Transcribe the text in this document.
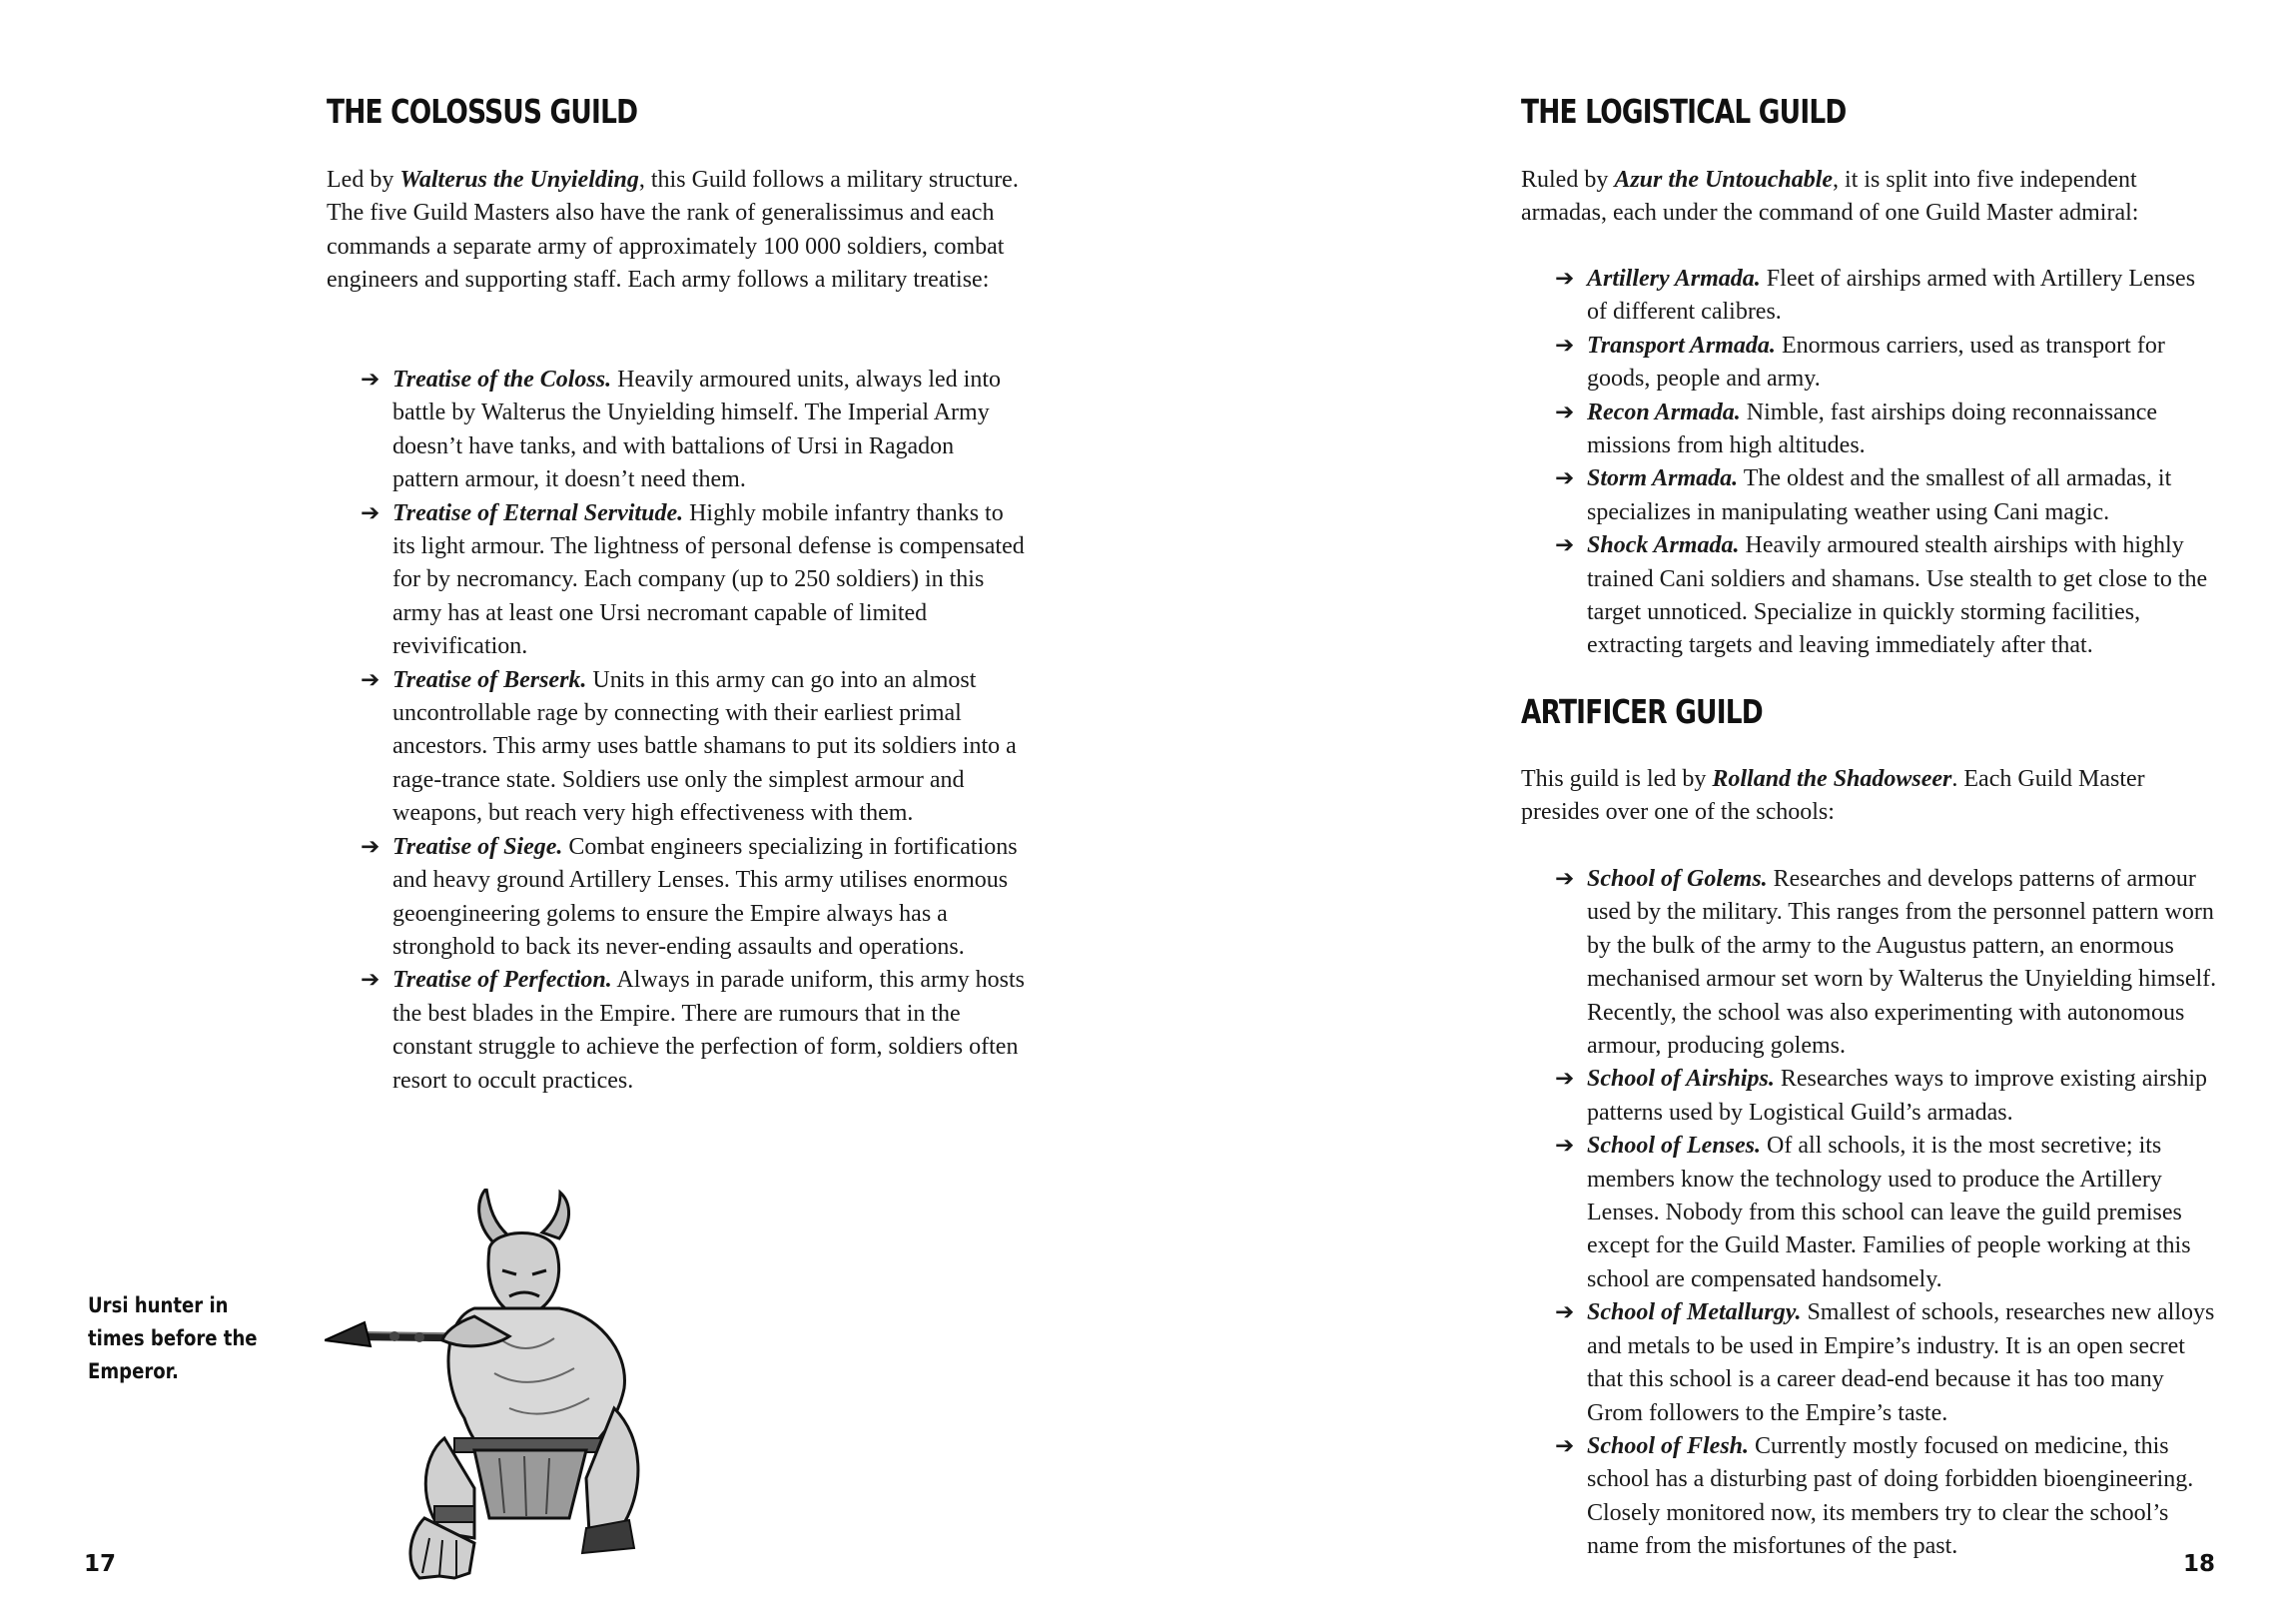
THE COLOSSUS GUILD

Led by Walterus the Unyielding, this Guild follows a military structure. The five Guild Masters also have the rank of generalissimus and each commands a separate army of approximately 100 000 soldiers, combat engineers and supporting staff. Each army follows a military treatise:

➔ Treatise of the Coloss. Heavily armoured units, always led into battle by Walterus the Unyielding himself. The Imperial Army doesn’t have tanks, and with battalions of Ursi in Ragadon pattern armour, it doesn’t need them.
➔ Treatise of Eternal Servitude. Highly mobile infantry thanks to its light armour. The lightness of personal defense is compensated for by necromancy. Each company (up to 250 soldiers) in this army has at least one Ursi necromant capable of limited revivification.
➔ Treatise of Berserk. Units in this army can go into an almost uncontrollable rage by connecting with their earliest primal ancestors. This army uses battle shamans to put its soldiers into a rage-trance state. Soldiers use only the simplest armour and weapons, but reach very high effectiveness with them.
➔ Treatise of Siege. Combat engineers specializing in fortifications and heavy ground Artillery Lenses. This army utilises enormous geoengineering golems to ensure the Empire always has a stronghold to back its never-ending assaults and operations.
➔ Treatise of Perfection. Always in parade uniform, this army hosts the best blades in the Empire. There are rumours that in the constant struggle to achieve the perfection of form, soldiers often resort to occult practices.
Ursi hunter in times before the Emperor.
17
THE LOGISTICAL GUILD

Ruled by Azur the Untouchable, it is split into five independent armadas, each under the command of one Guild Master admiral:

➔ Artillery Armada. Fleet of airships armed with Artillery Lenses of different calibres.
➔ Transport Armada. Enormous carriers, used as transport for goods, people and army.
➔ Recon Armada. Nimble, fast airships doing reconnaissance missions from high altitudes.
➔ Storm Armada. The oldest and the smallest of all armadas, it specializes in manipulating weather using Cani magic.
➔ Shock Armada. Heavily armoured stealth airships with highly trained Cani soldiers and shamans. Use stealth to get close to the target unnoticed. Specialize in quickly storming facilities, extracting targets and leaving immediately after that.
ARTIFICER GUILD

This guild is led by Rolland the Shadowseer. Each Guild Master presides over one of the schools:

➔ School of Golems. Researches and develops patterns of armour used by the military. This ranges from the personnel pattern worn by the bulk of the army to the Augustus pattern, an enormous mechanised armour set worn by Walterus the Unyielding himself. Recently, the school was also experimenting with autonomous armour, producing golems.
➔ School of Airships. Researches ways to improve existing airship patterns used by Logistical Guild’s armadas.
➔ School of Lenses. Of all schools, it is the most secretive; its members know the technology used to produce the Artillery Lenses. Nobody from this school can leave the guild premises except for the Guild Master. Families of people working at this school are compensated handsomely.
➔ School of Metallurgy. Smallest of schools, researches new alloys and metals to be used in Empire’s industry. It is an open secret that this school is a career dead-end because it has too many Grom followers to the Empire’s taste.
➔ School of Flesh. Currently mostly focused on medicine, this school has a disturbing past of doing forbidden bioengineering. Closely monitored now, its members try to clear the school’s name from the misfortunes of the past.
18
